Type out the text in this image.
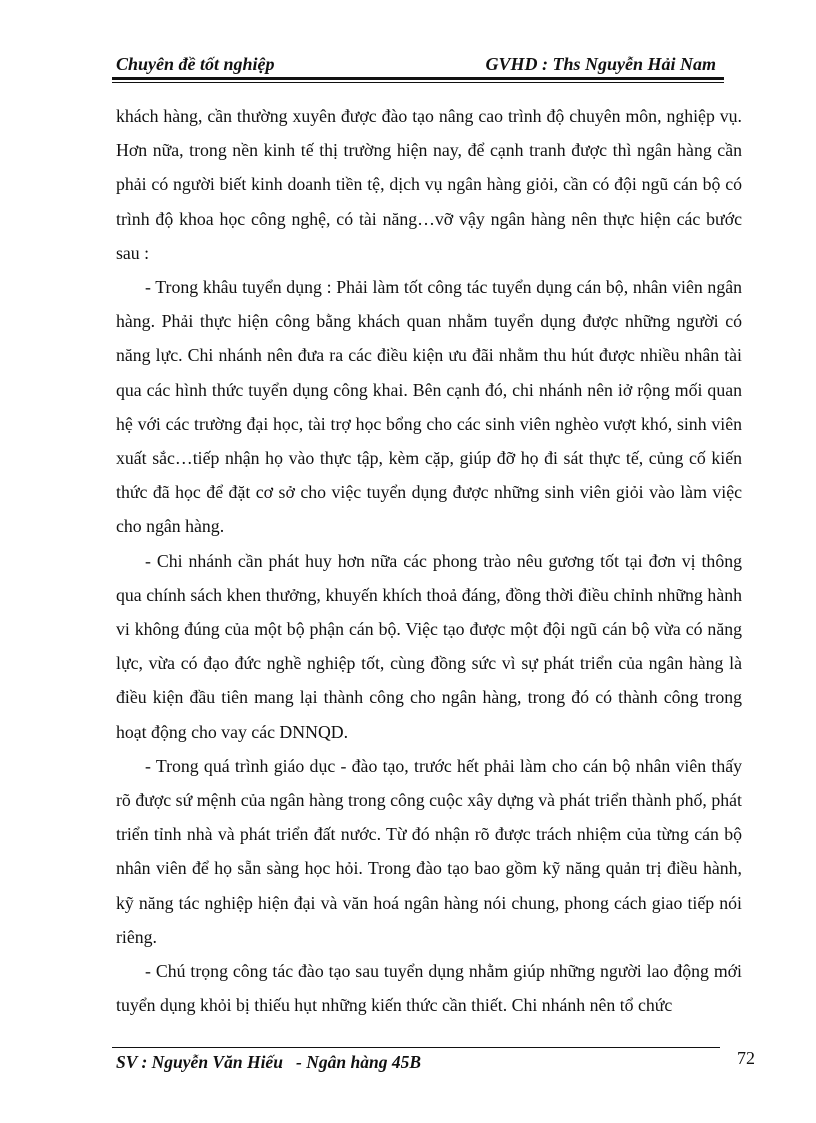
Chuyên đề tốt nghiệp	GVHD : Ths Nguyễn Hải Nam

khách hàng, cần thường xuyên được đào tạo nâng cao trình độ chuyên môn, nghiệp vụ. Hơn nữa, trong nền kinh tế thị trường hiện nay, để cạnh tranh được thì ngân hàng cần phải có người biết kinh doanh tiền tệ, dịch vụ ngân hàng giỏi, cần có đội ngũ cán bộ có trình độ khoa học công nghệ, có tài năng…vỡ vậy ngân hàng nên thực hiện các bước sau :

- Trong khâu tuyển dụng : Phải làm tốt công tác tuyển dụng cán bộ, nhân viên ngân hàng. Phải thực hiện công bằng khách quan nhằm tuyển dụng được những người có năng lực. Chi nhánh nên đưa ra các điều kiện ưu đãi nhằm thu hút được nhiều nhân tài qua các hình thức tuyển dụng công khai. Bên cạnh đó, chi nhánh nên iở rộng mối quan hệ với các trường đại học, tài trợ học bổng cho các sinh viên nghèo vượt khó, sinh viên xuất sắc…tiếp nhận họ vào thực tập, kèm cặp, giúp đỡ họ đi sát thực tế, củng cố kiến thức đã học để đặt cơ sở cho việc tuyển dụng được những sinh viên giỏi vào làm việc cho ngân hàng.

- Chi nhánh cần phát huy hơn nữa các phong trào nêu gương tốt tại đơn vị thông qua chính sách khen thưởng, khuyến khích thoả đáng, đồng thời điều chỉnh những hành vi không đúng của một bộ phận cán bộ. Việc tạo được một đội ngũ cán bộ vừa có năng lực, vừa có đạo đức nghề nghiệp tốt, cùng đồng sức vì sự phát triển của ngân hàng là điều kiện đầu tiên mang lại thành công cho ngân hàng, trong đó có thành công trong hoạt động cho vay các DNNQD.

- Trong quá trình giáo dục - đào tạo, trước hết phải làm cho cán bộ nhân viên thấy rõ được sứ mệnh của ngân hàng trong công cuộc xây dựng và phát triển thành phố, phát triển tỉnh nhà và phát triển đất nước. Từ đó nhận rõ được trách nhiệm của từng cán bộ nhân viên để họ sẵn sàng học hỏi. Trong đào tạo bao gồm kỹ năng quản trị điều hành, kỹ năng tác nghiệp hiện đại và văn hoá ngân hàng nói chung, phong cách giao tiếp nói riêng.

- Chú trọng công tác đào tạo sau tuyển dụng nhằm giúp những người lao động mới tuyển dụng khỏi bị thiếu hụt những kiến thức cần thiết. Chi nhánh nên tổ chức

SV : Nguyễn Văn Hiếu   - Ngân hàng 45B	72
